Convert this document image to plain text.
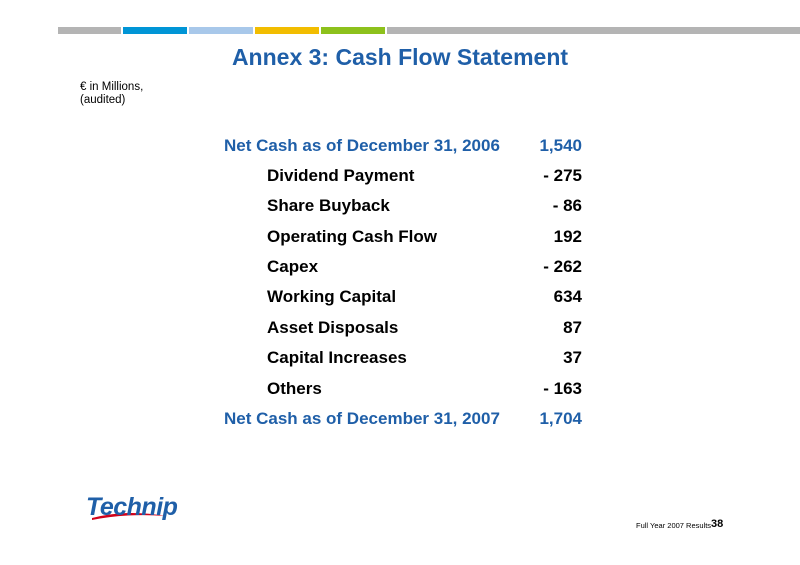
Annex 3: Cash Flow Statement
€ in Millions,
(audited)
Net Cash as of December 31, 2006 1,540
Dividend Payment	- 275
Share Buyback	- 86
Operating Cash Flow	192
Capex	- 262
Working Capital	634
Asset Disposals	87
Capital Increases	37
Others	- 163
Net Cash as of December 31, 2007 1,704
Technip
Full Year 2007 Results 38
